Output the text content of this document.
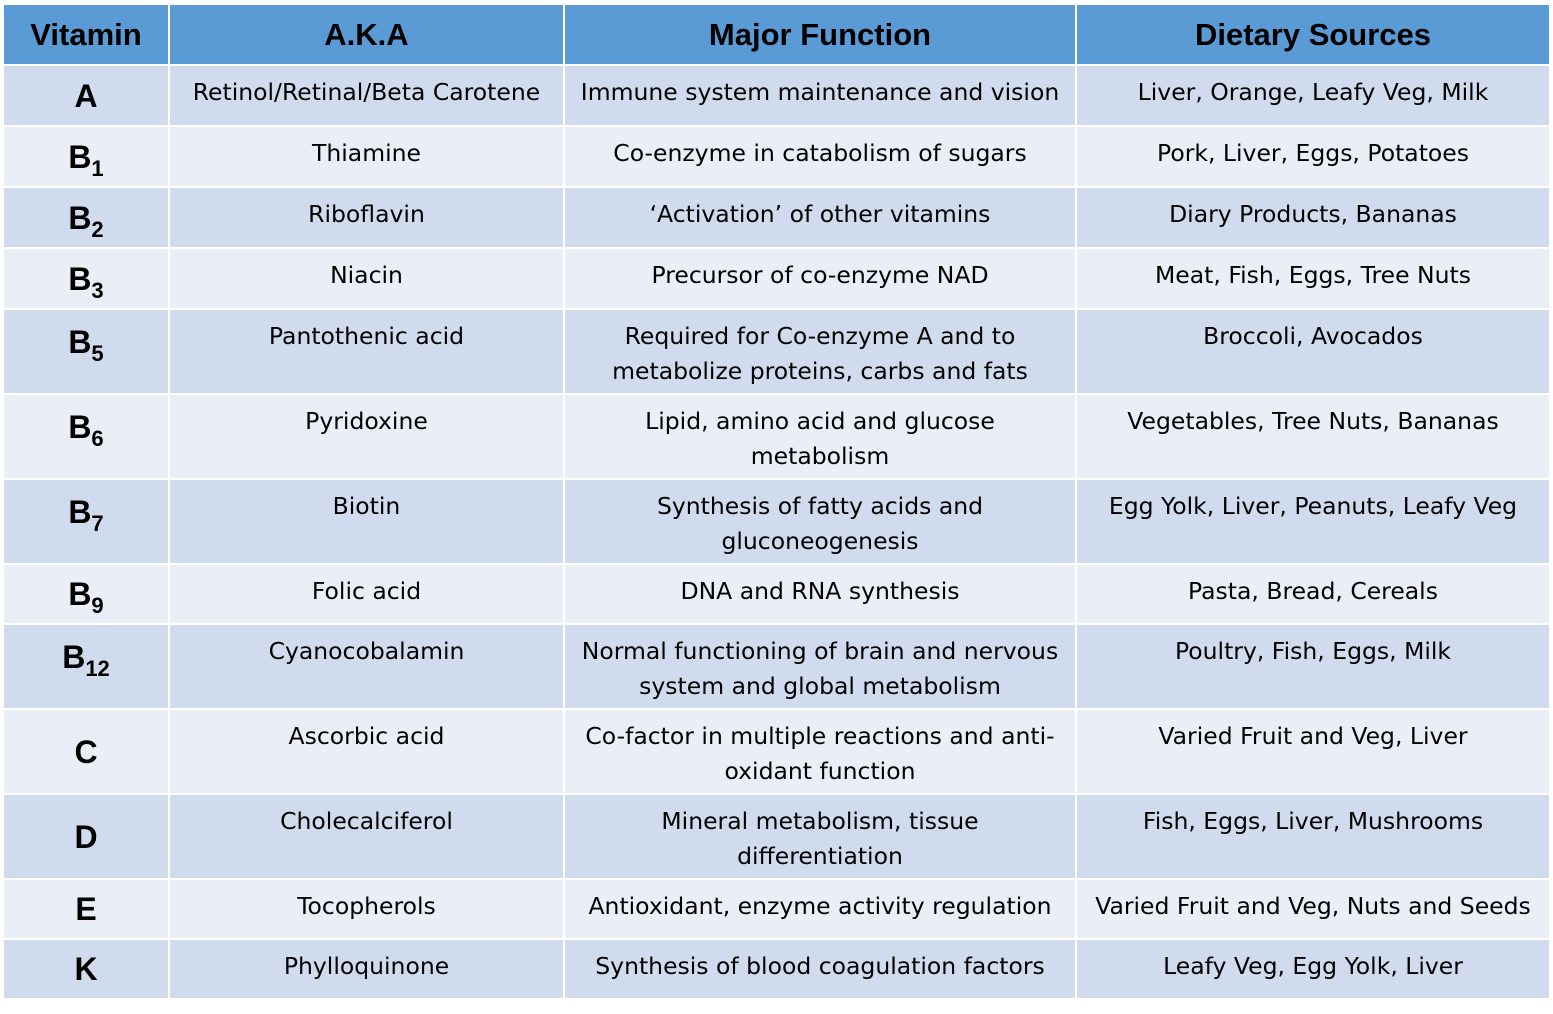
Vitamin	A.K.A	Major Function	Dietary Sources
A	Retinol/Retinal/Beta Carotene	Immune system maintenance and vision	Liver, Orange, Leafy Veg, Milk

$B_1$	Thiamine	Co-enzyme in catabolism of sugars	Pork, Liver, Eggs, Potatoes

$B_2$	Riboflavin	‘Activation’ of other vitamins	Diary Products, Bananas

$B_3$	Niacin	Precursor of co-enzyme NAD	Meat, Fish, Eggs, Tree Nuts

$B_5$	Pantothenic acid	Required for Co-enzyme A and to metabolize proteins, carbs and fats	Broccoli, Avocados

$B_6$	Pyridoxine	Lipid, amino acid and glucose metabolism	Vegetables, Tree Nuts, Bananas

$B_7$	Biotin	Synthesis of fatty acids and gluconeogenesis	Egg Yolk, Liver, Peanuts, Leafy Veg

$B_9$	Folic acid	DNA and RNA synthesis	Pasta, Bread, Cereals

$B_{12}$	Cyanocobalamin	Normal functioning of brain and nervous system and global metabolism	Poultry, Fish, Eggs, Milk

C	Ascorbic acid	Co-factor in multiple reactions and anti-oxidant function	Varied Fruit and Veg, Liver

D	Cholecalciferol	Mineral metabolism, tissue differentiation	Fish, Eggs, Liver, Mushrooms

E	Tocopherols	Antioxidant, enzyme activity regulation	Varied Fruit and Veg, Nuts and Seeds

K	Phylloquinone	Synthesis of blood coagulation factors	Leafy Veg, Egg Yolk, Liver
